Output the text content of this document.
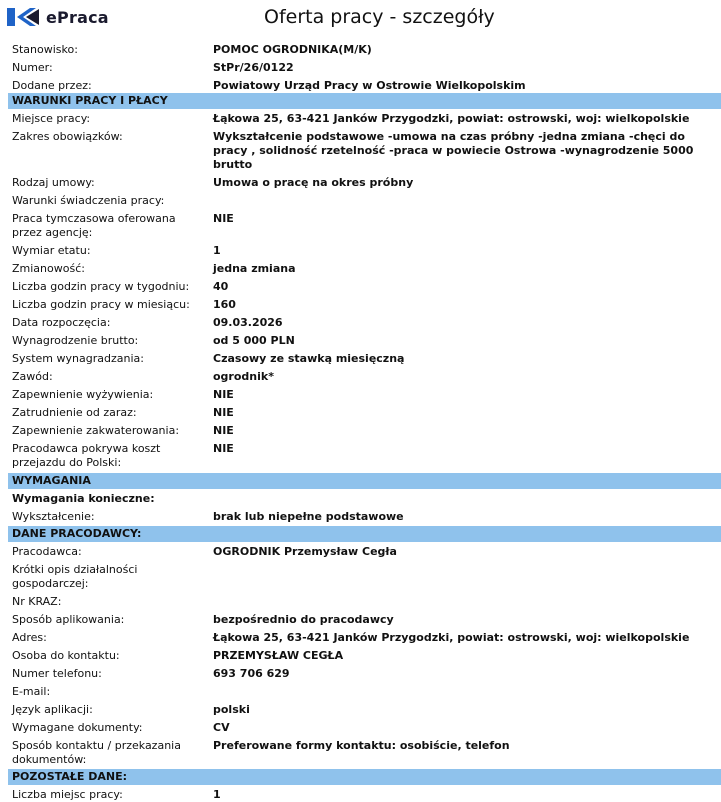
ePraca	Oferta pracy - szczegóły
Stanowisko:	POMOC OGRODNIKA(M/K)
Numer:	StPr/26/0122
Dodane przez:	Powiatowy Urząd Pracy w Ostrowie Wielkopolskim
WARUNKI PRACY I PŁACY
Miejsce pracy:	Łąkowa 25, 63-421 Janków Przygodzki, powiat: ostrowski, woj: wielkopolskie
Zakres obowiązków:	Wykształcenie podstawowe -umowa na czas próbny -jedna zmiana -chęci do pracy , solidność rzetelność -praca w powiecie Ostrowa -wynagrodzenie 5000 brutto
Rodzaj umowy:	Umowa o pracę na okres próbny
Warunki świadczenia pracy:
Praca tymczasowa oferowana przez agencję:
NIE
Wymiar etatu:	1
Zmianowość:	jedna zmiana
Liczba godzin pracy w tygodniu:	40
Liczba godzin pracy w miesiącu:	160
Data rozpoczęcia:	09.03.2026
Wynagrodzenie brutto:	od 5 000 PLN
System wynagradzania:	Czasowy ze stawką miesięczną
Zawód:	ogrodnik*
Zapewnienie wyżywienia:	NIE
Zatrudnienie od zaraz:	NIE
Zapewnienie zakwaterowania:	NIE
Pracodawca pokrywa koszt przejazdu do Polski:
NIE
WYMAGANIA
Wymagania konieczne:
Wykształcenie:	brak lub niepełne podstawowe
DANE PRACODAWCY:
Pracodawca:	OGRODNIK Przemysław Cegła
Krótki opis działalności gospodarczej:
Nr KRAZ:
Sposób aplikowania:	bezpośrednio do pracodawcy
Adres:	Łąkowa 25, 63-421 Janków Przygodzki, powiat: ostrowski, woj: wielkopolskie
Osoba do kontaktu:	PRZEMYSŁAW CEGŁA
Numer telefonu:	693 706 629
E-mail:
Język aplikacji:	polski
Wymagane dokumenty:	CV
Sposób kontaktu / przekazania dokumentów:
Preferowane formy kontaktu: osobiście, telefon
POZOSTAŁE DANE:
Liczba miejsc pracy:	1
